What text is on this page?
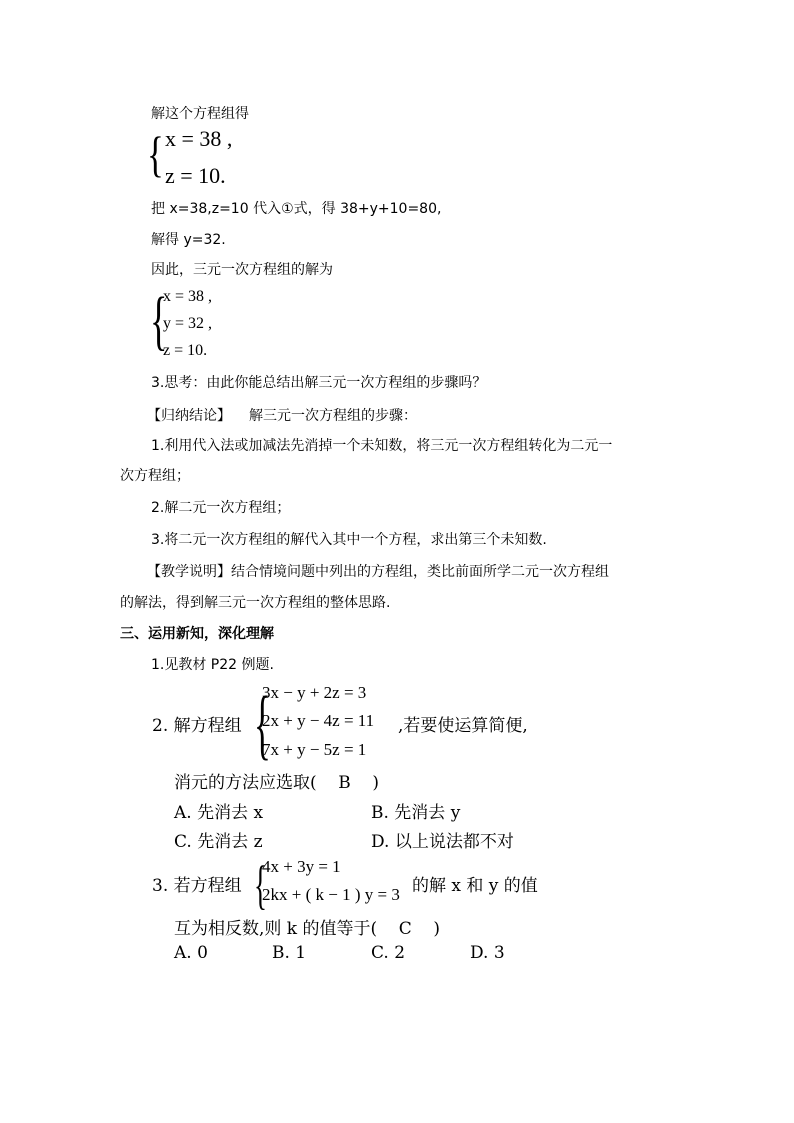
解这个方程组得
{ x = 38 ,
z = 10.
把 x=38,z=10 代入①式，得 38+y+10=80,
解得 y=32.
因此，三元一次方程组的解为
{
x = 38 ,
y = 32 ,
z = 10.
3.思考：由此你能总结出解三元一次方程组的步骤吗？
【归纳结论】 解三元一次方程组的步骤：
1.利用代入法或加减法先消掉一个未知数，将三元一次方程组转化为二元一
次方程组；
2.解二元一次方程组；
3.将二元一次方程组的解代入其中一个方程，求出第三个未知数.
【教学说明】结合情境问题中列出的方程组，类比前面所学二元一次方程组
的解法，得到解三元一次方程组的整体思路.
三、运用新知，深化理解
1.见教材 P22 例题.
2. 解方程组 {
3x − y + 2z = 3
2x + y − 4z = 11
7x + y − 5z = 1
,若要使运算简便,
消元的方法应选取(    B    )
A. 先消去 x	B. 先消去 y
C. 先消去 z	D. 以上说法都不对
3. 若方程组 {
4x + 3y = 1
2kx + ( k − 1 ) y = 3 的解 x 和 y 的值
互为相反数,则 k 的值等于(    C    )
A. 0	B. 1	C. 2	D. 3
